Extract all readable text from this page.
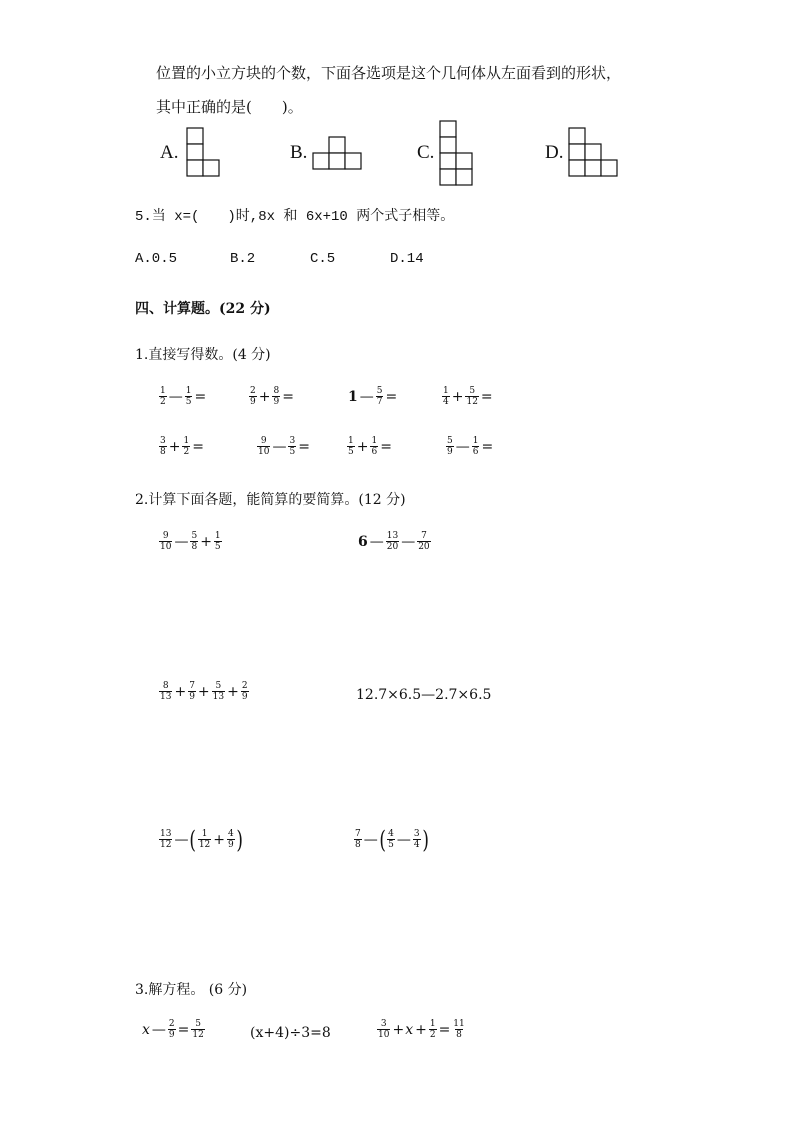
位置的小立方块的个数，下面各选项是这个几何体从左面看到的形状，
其中正确的是(　　)。
A.	B.	C.	D.
5.当 x=(　　)时,8x 和 6x+10 两个式子相等。
A.0.5	B.2	C.5	D.14
四、计算题。(22 分)
1.直接写得数。(4 分)
$\frac{1}{2}$ — $\frac{1}{5}$ =	$\frac{2}{9} + \frac{8}{9}$ =	1 — $\frac{5}{7}$ =	$\frac{1}{4} + \frac{5}{12}$ =
$\frac{3}{8} + \frac{1}{2}$ =	$\frac{9}{10}$ — $\frac{3}{5}$ =	$\frac{1}{5} + \frac{1}{6}$ =	$\frac{5}{9}$ — $\frac{1}{6}$ =
2.计算下面各题，能简算的要简算。(12 分)
$\frac{9}{10}$ — $\frac{5}{8} + \frac{1}{5}$	6 — $\frac{13}{20}$ — $\frac{7}{20}$
$\frac{8}{13} + \frac{7}{9} + \frac{5}{13} + \frac{2}{9}$	12.7×6.5—2.7×6.5
$\frac{13}{12}$ — ( $\frac{1}{12} + \frac{4}{9}$ )	$\frac{7}{8}$ — ( $\frac{4}{5}$ — $\frac{3}{4}$ )
3.解方程。 (6 分)
x — $\frac{2}{9} = \frac{5}{12}$	(x+4)÷3=8	$\frac{3}{10} + x + \frac{1}{2} = \frac{11}{8}$
